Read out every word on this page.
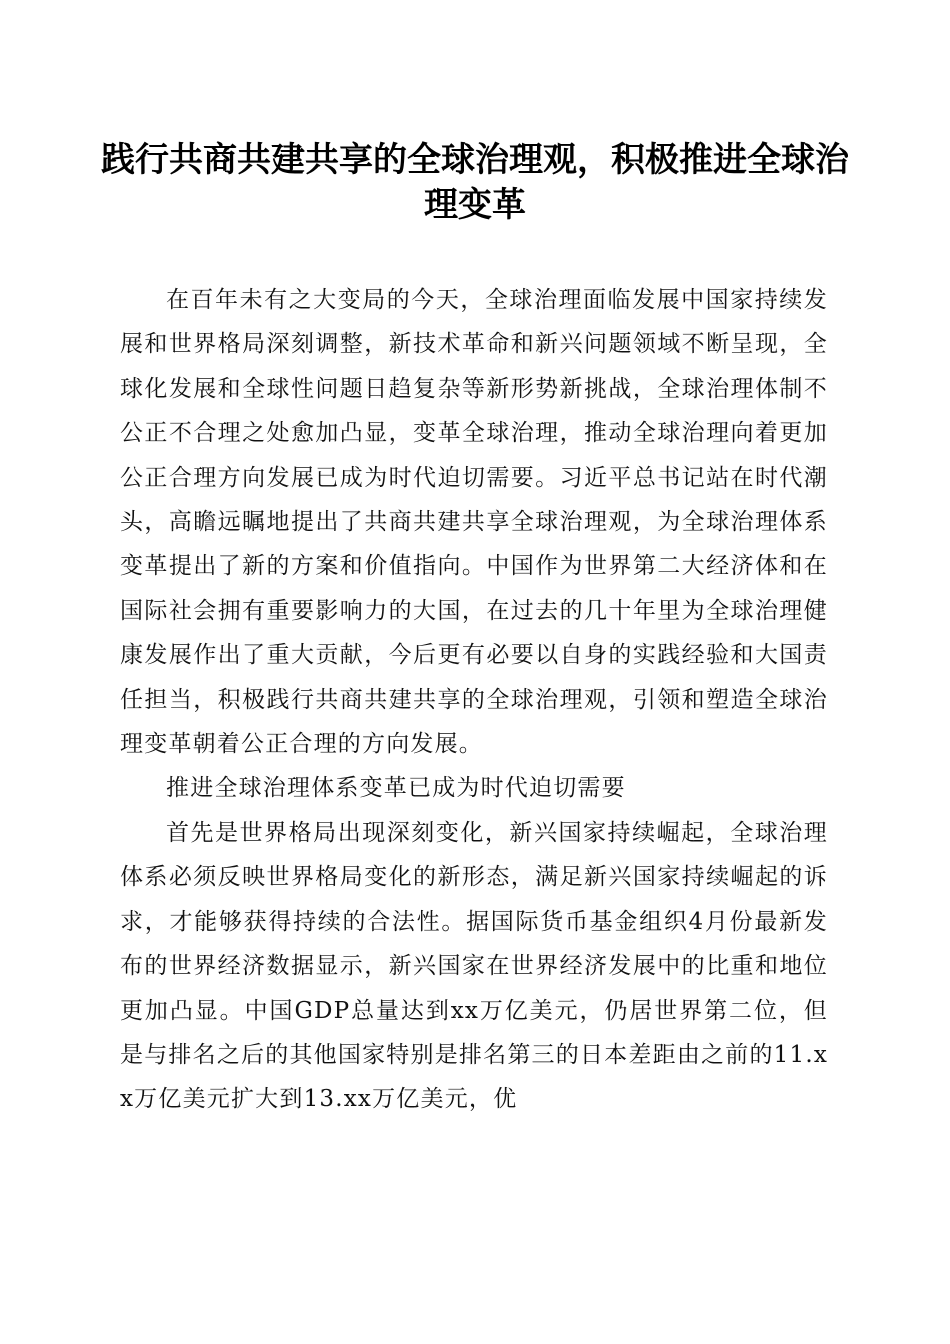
践行共商共建共享的全球治理观，积极推进全球治理变革

在百年未有之大变局的今天，全球治理面临发展中国家持续发展和世界格局深刻调整，新技术革命和新兴问题领域不断呈现，全球化发展和全球性问题日趋复杂等新形势新挑战，全球治理体制不公正不合理之处愈加凸显，变革全球治理，推动全球治理向着更加公正合理方向发展已成为时代迫切需要。习近平总书记站在时代潮头，高瞻远瞩地提出了共商共建共享全球治理观，为全球治理体系变革提出了新的方案和价值指向。中国作为世界第二大经济体和在国际社会拥有重要影响力的大国，在过去的几十年里为全球治理健康发展作出了重大贡献，今后更有必要以自身的实践经验和大国责任担当，积极践行共商共建共享的全球治理观，引领和塑造全球治理变革朝着公正合理的方向发展。

推进全球治理体系变革已成为时代迫切需要

首先是世界格局出现深刻变化，新兴国家持续崛起，全球治理体系必须反映世界格局变化的新形态，满足新兴国家持续崛起的诉求，才能够获得持续的合法性。据国际货币基金组织4月份最新发布的世界经济数据显示，新兴国家在世界经济发展中的比重和地位更加凸显。中国GDP总量达到xx万亿美元，仍居世界第二位，但是与排名之后的其他国家特别是排名第三的日本差距由之前的11.xx万亿美元扩大到13.xx万亿美元，优
